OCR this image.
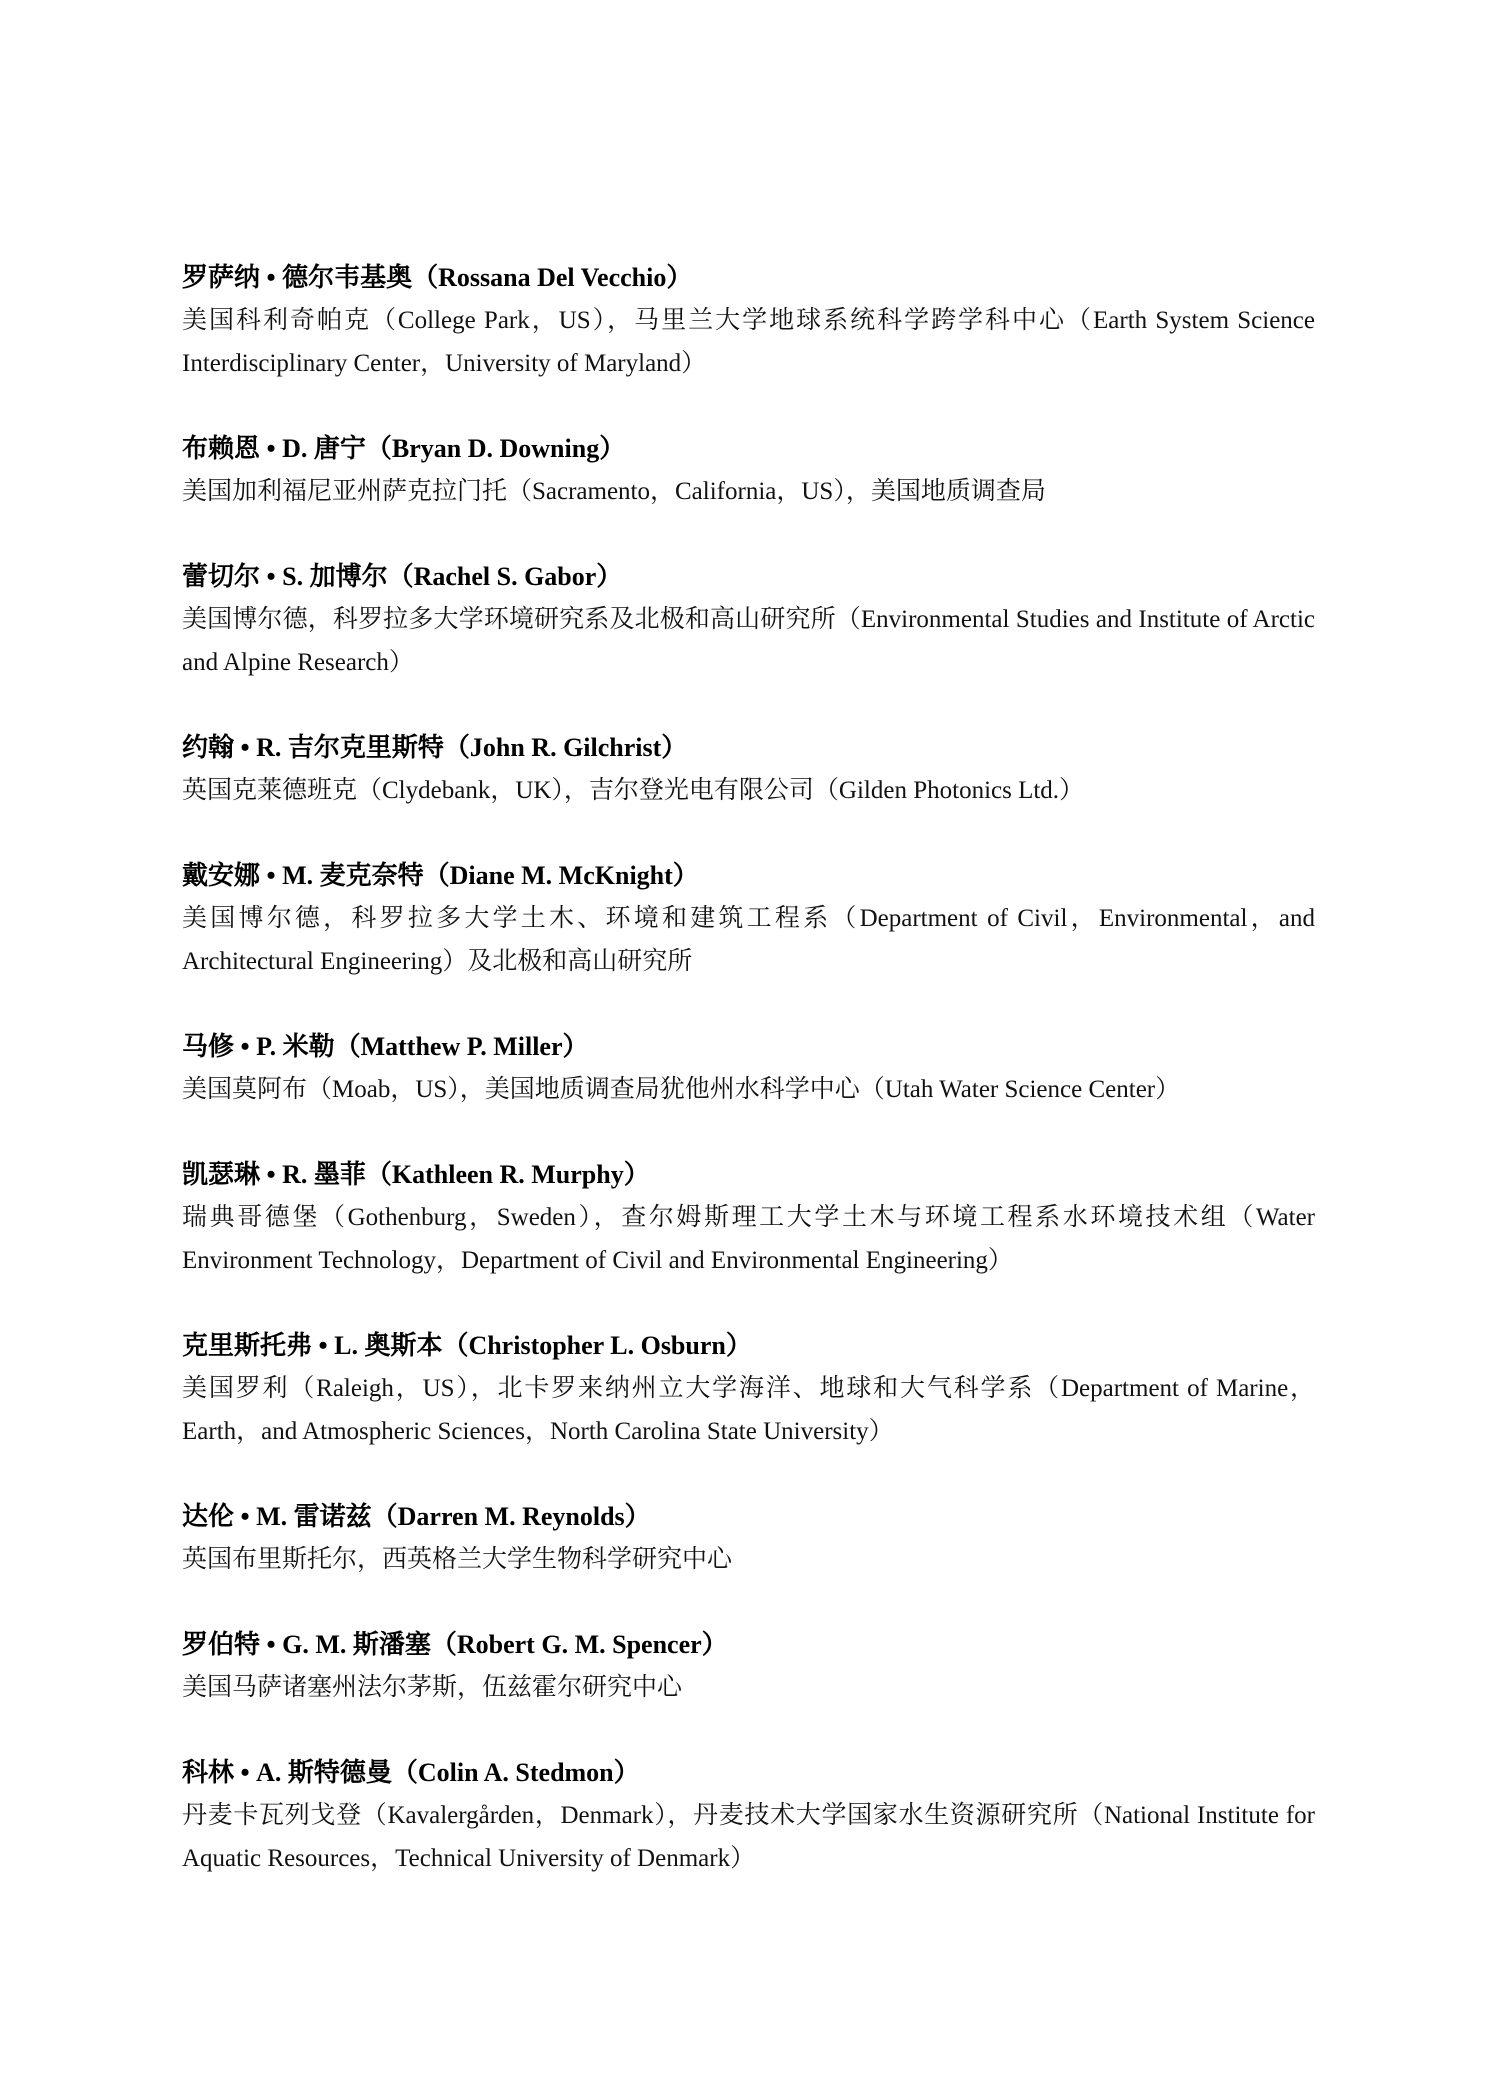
罗萨纳 • 德尔韦基奥（Rossana Del Vecchio）

美国科利奇帕克（College Park，US），马里兰大学地球系统科学跨学科中心（Earth System Science Interdisciplinary Center，University of Maryland）

布赖恩 • D. 唐宁（Bryan D. Downing）

美国加利福尼亚州萨克拉门托（Sacramento，California，US），美国地质调查局

蕾切尔 • S. 加博尔（Rachel S. Gabor）

美国博尔德，科罗拉多大学环境研究系及北极和高山研究所（Environmental Studies and Institute of Arctic and Alpine Research）

约翰 • R. 吉尔克里斯特（John R. Gilchrist）

英国克莱德班克（Clydebank，UK），吉尔登光电有限公司（Gilden Photonics Ltd.）

戴安娜 • M. 麦克奈特（Diane M. McKnight）

美国博尔德，科罗拉多大学土木、环境和建筑工程系（Department of Civil，Environmental，and Architectural Engineering）及北极和高山研究所

马修 • P. 米勒（Matthew P. Miller）

美国莫阿布（Moab，US），美国地质调查局犹他州水科学中心（Utah Water Science Center）

凯瑟琳 • R. 墨菲（Kathleen R. Murphy）

瑞典哥德堡（Gothenburg，Sweden），查尔姆斯理工大学土木与环境工程系水环境技术组（Water Environment Technology，Department of Civil and Environmental Engineering）

克里斯托弗 • L. 奥斯本（Christopher L. Osburn）

美国罗利（Raleigh，US），北卡罗来纳州立大学海洋、地球和大气科学系（Department of Marine，Earth，and Atmospheric Sciences，North Carolina State University）

达伦 • M. 雷诺兹（Darren M. Reynolds）

英国布里斯托尔，西英格兰大学生物科学研究中心

罗伯特 • G. M. 斯潘塞（Robert G. M. Spencer）

美国马萨诸塞州法尔茅斯，伍兹霍尔研究中心

科林 • A. 斯特德曼（Colin A. Stedmon）

丹麦卡瓦列戈登（Kavalergården，Denmark），丹麦技术大学国家水生资源研究所（National Institute for Aquatic Resources，Technical University of Denmark）
